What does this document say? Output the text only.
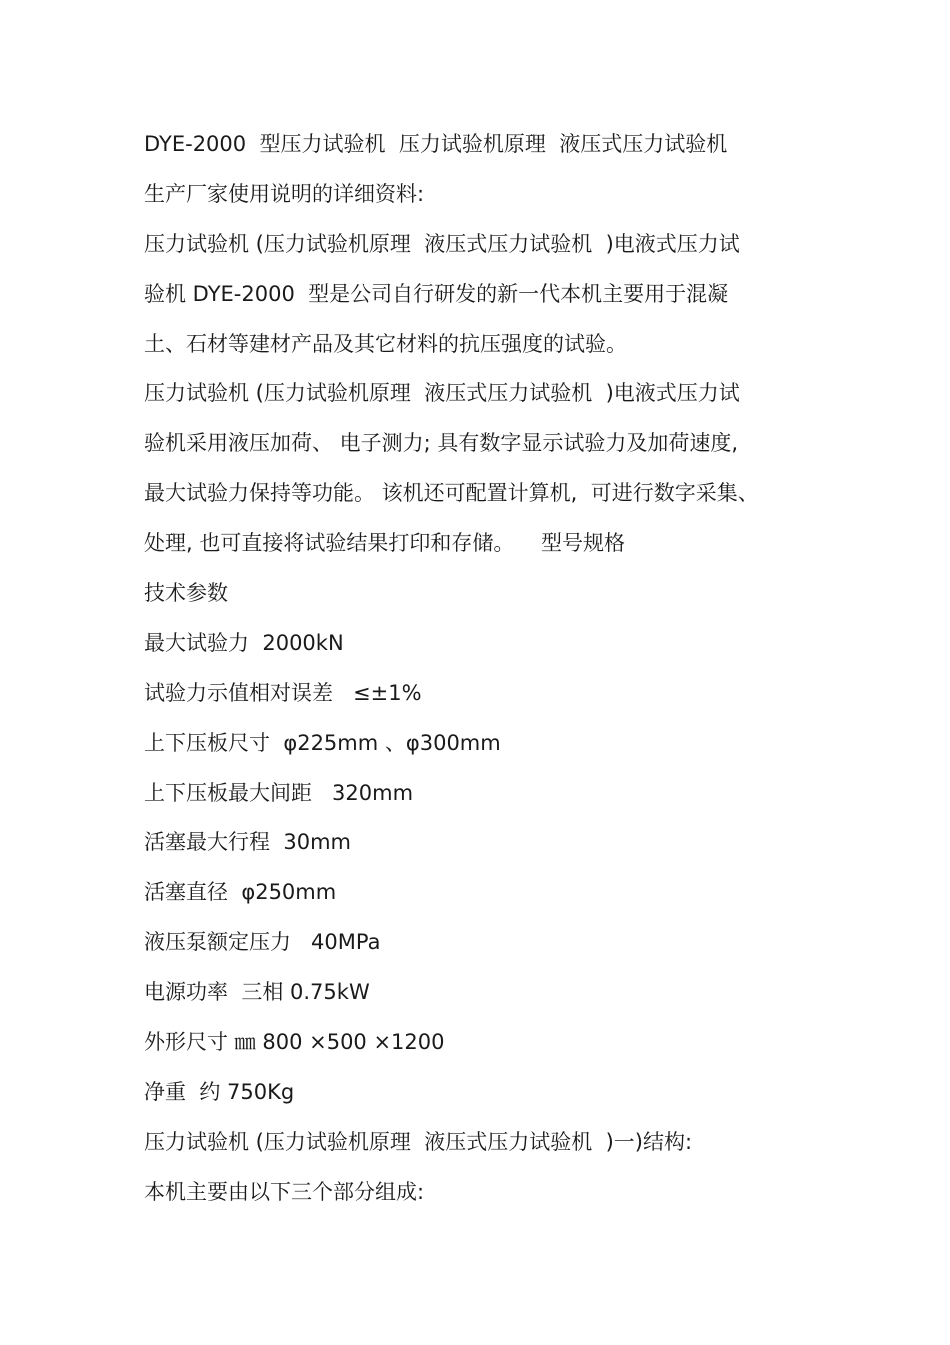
DYE-2000  型压力试验机  压力试验机原理  液压式压力试验机
生产厂家使用说明的详细资料:
压力试验机 (压力试验机原理  液压式压力试验机  )电液式压力试
验机 DYE-2000  型是公司自行研发的新一代本机主要用于混凝
土、石材等建材产品及其它材料的抗压强度的试验。
压力试验机 (压力试验机原理  液压式压力试验机  )电液式压力试
验机采用液压加荷、 电子测力; 具有数字显示试验力及加荷速度,
最大试验力保持等功能。 该机还可配置计算机,  可进行数字采集、
处理, 也可直接将试验结果打印和存储。    型号规格
技术参数
最大试验力  2000kN
试验力示值相对误差   ≤±1%
上下压板尺寸  φ225mm 、φ300mm
上下压板最大间距   320mm
活塞最大行程  30mm
活塞直径  φ250mm
液压泵额定压力   40MPa
电源功率  三相 0.75kW
外形尺寸 ㎜ 800 ×500 ×1200
净重  约 750Kg
压力试验机 (压力试验机原理  液压式压力试验机  )一)结构:
本机主要由以下三个部分组成:
